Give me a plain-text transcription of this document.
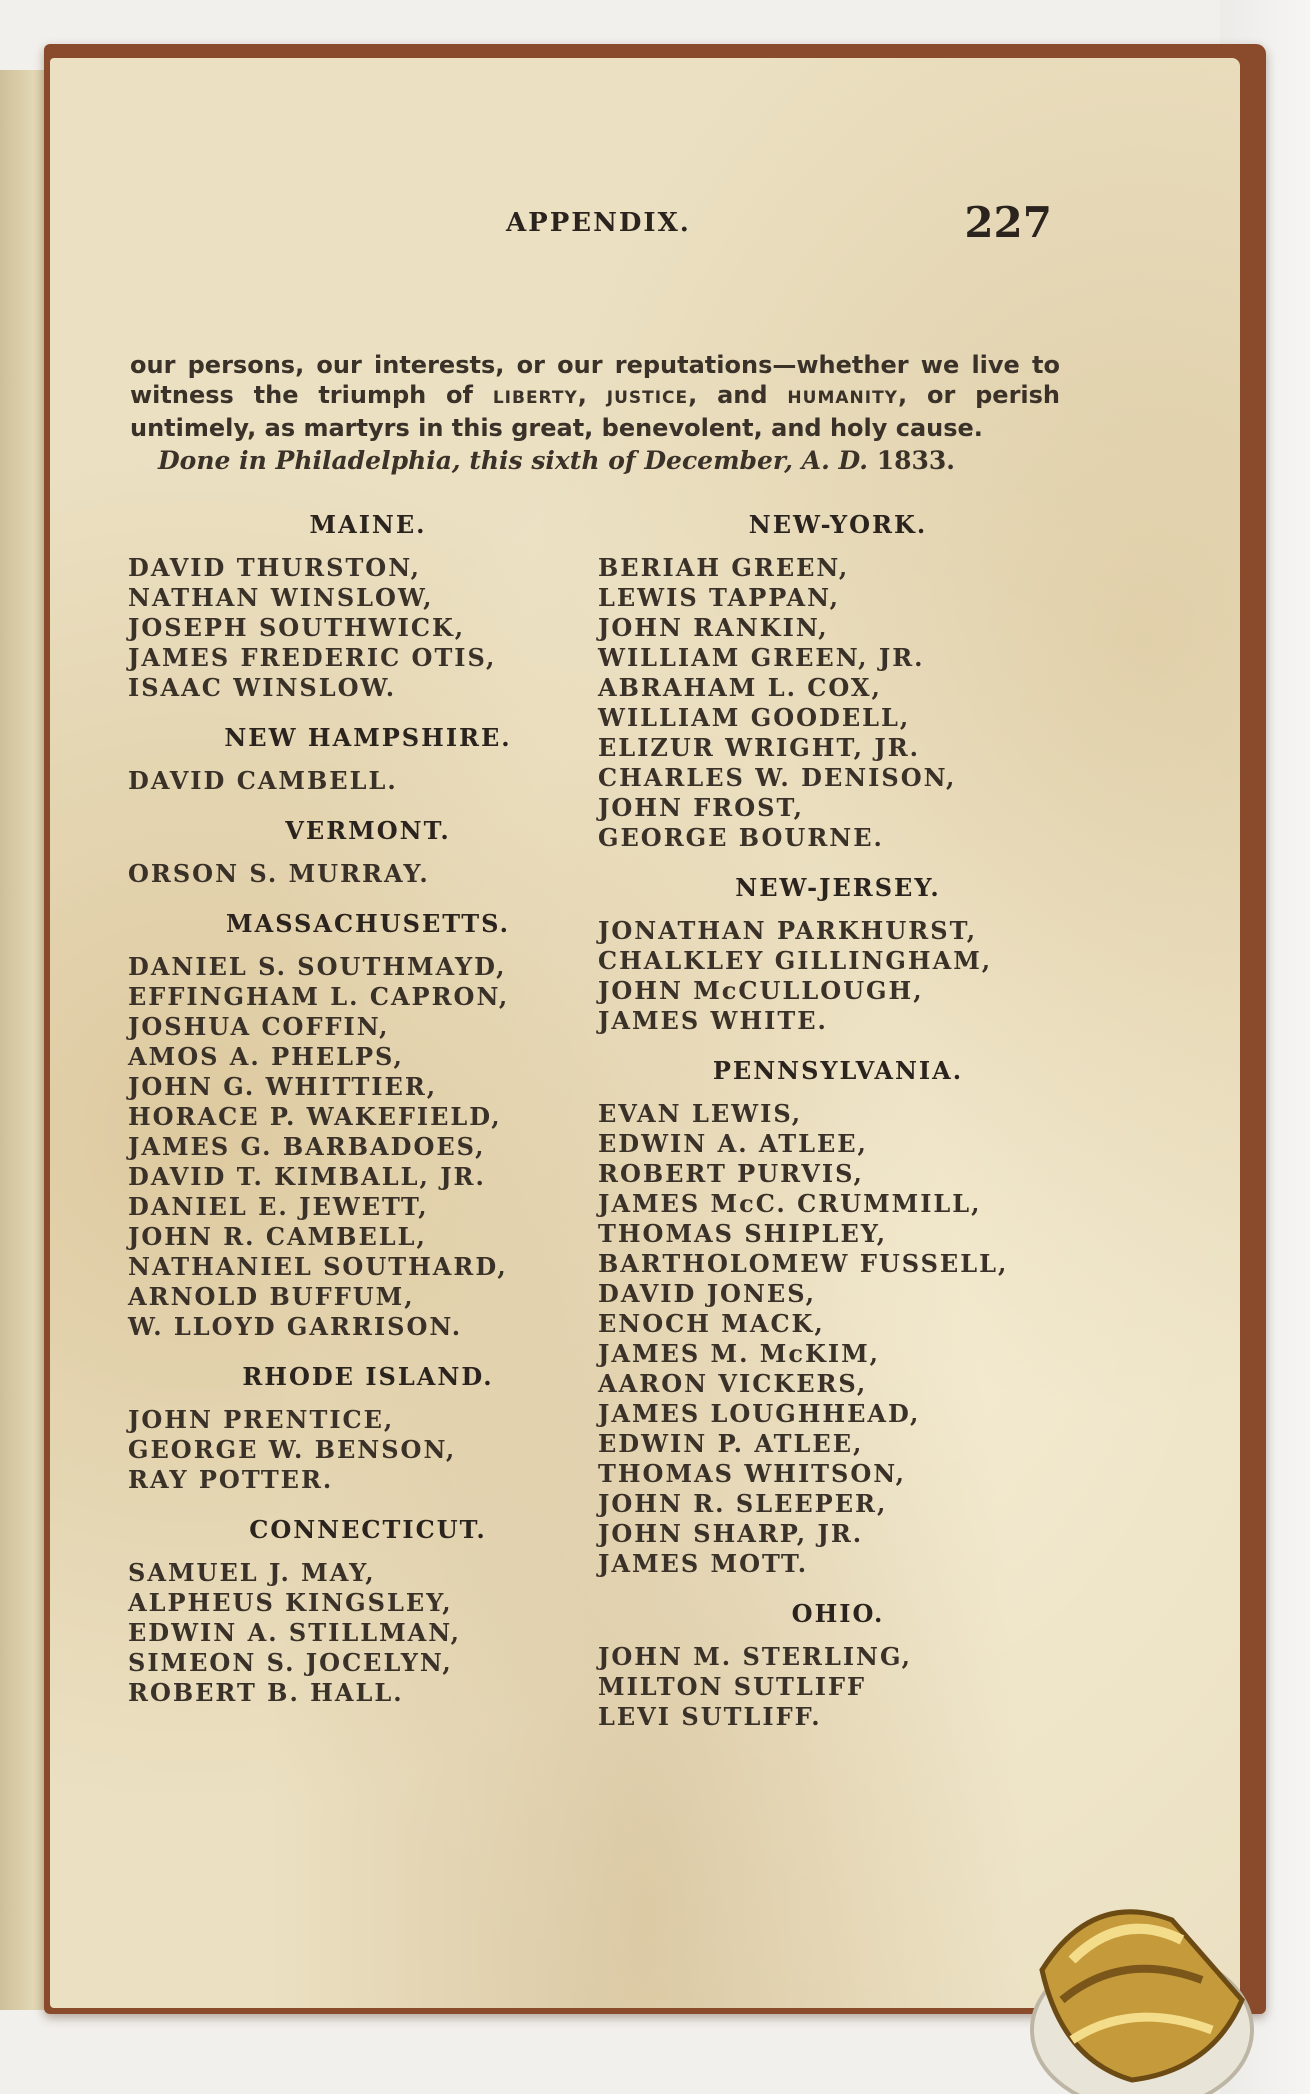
APPENDIX.	227

our persons, our interests, or our reputations—whether we live to witness the triumph of LIBERTY, JUSTICE, and HUMANITY, or perish untimely, as martyrs in this great, benevolent, and holy cause.

Done in Philadelphia, this sixth of December, A. D. 1833.
MAINE.
DAVID THURSTON,
NATHAN WINSLOW,
JOSEPH SOUTHWICK,
JAMES FREDERIC OTIS,
ISAAC WINSLOW.
NEW HAMPSHIRE.
DAVID CAMBELL.
VERMONT.
ORSON S. MURRAY.
MASSACHUSETTS.
DANIEL S. SOUTHMAYD,
EFFINGHAM L. CAPRON,
JOSHUA COFFIN,
AMOS A. PHELPS,
JOHN G. WHITTIER,
HORACE P. WAKEFIELD,
JAMES G. BARBADOES,
DAVID T. KIMBALL, JR.
DANIEL E. JEWETT,
JOHN R. CAMBELL,
NATHANIEL SOUTHARD,
ARNOLD BUFFUM,
W. LLOYD GARRISON.
RHODE ISLAND.
JOHN PRENTICE,
GEORGE W. BENSON,
RAY POTTER.
CONNECTICUT.
SAMUEL J. MAY,
ALPHEUS KINGSLEY,
EDWIN A. STILLMAN,
SIMEON S. JOCELYN,
ROBERT B. HALL.
NEW-YORK.
BERIAH GREEN,
LEWIS TAPPAN,
JOHN RANKIN,
WILLIAM GREEN, JR.
ABRAHAM L. COX,
WILLIAM GOODELL,
ELIZUR WRIGHT, JR.
CHARLES W. DENISON,
JOHN FROST,
GEORGE BOURNE.
NEW-JERSEY.
JONATHAN PARKHURST,
CHALKLEY GILLINGHAM,
JOHN McCULLOUGH,
JAMES WHITE.
PENNSYLVANIA.
EVAN LEWIS,
EDWIN A. ATLEE,
ROBERT PURVIS,
JAMES McC. CRUMMILL,
THOMAS SHIPLEY,
BARTHOLOMEW FUSSELL,
DAVID JONES,
ENOCH MACK,
JAMES M. McKIM,
AARON VICKERS,
JAMES LOUGHHEAD,
EDWIN P. ATLEE,
THOMAS WHITSON,
JOHN R. SLEEPER,
JOHN SHARP, JR.
JAMES MOTT.
OHIO.
JOHN M. STERLING,
MILTON SUTLIFF
LEVI SUTLIFF.
